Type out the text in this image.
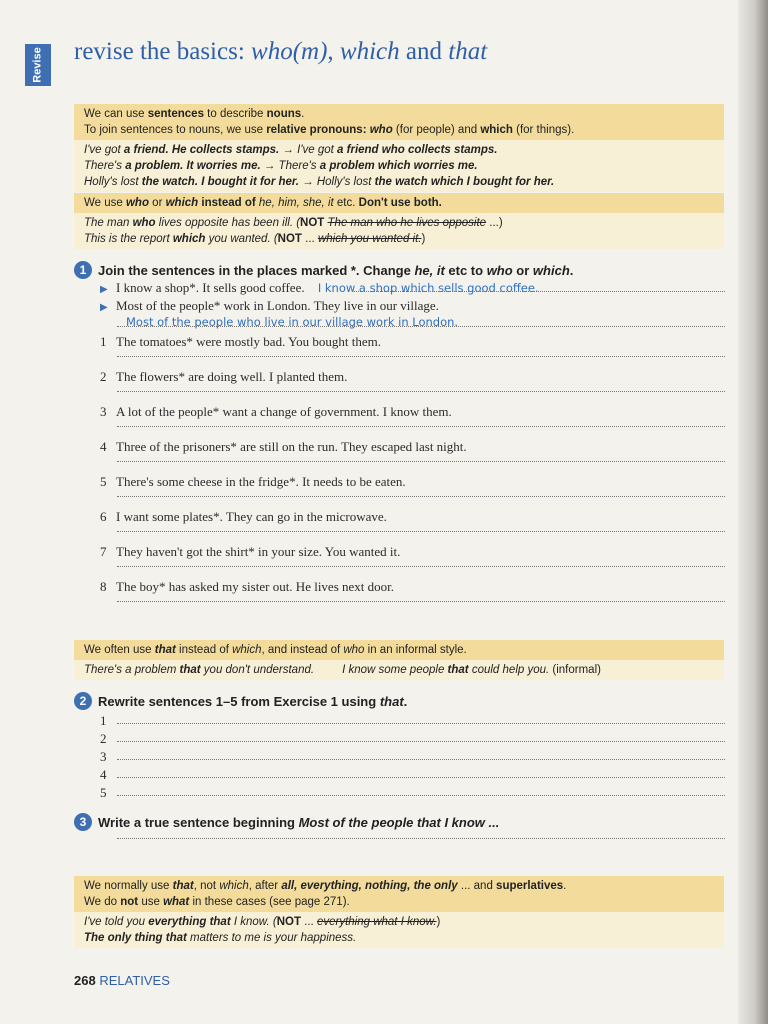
Revise revise the basics: who(m), which and that
We can use sentences to describe nouns.
To join sentences to nouns, we use relative pronouns: who (for people) and which (for things).
I've got a friend. He collects stamps. → I've got a friend who collects stamps.
There's a problem. It worries me. → There's a problem which worries me.
Holly's lost the watch. I bought it for her. → Holly's lost the watch which I bought for her.
We use who or which instead of he, him, she, it etc. Don't use both.
The man who lives opposite has been ill. (NOT The man who he lives opposite ...)
This is the report which you wanted. (NOT ... which you wanted it.)
1 Join the sentences in the places marked *. Change he, it etc to who or which.
▶ I know a shop*. It sells good coffee. I know a shop which sells good coffee.
▶ Most of the people* work in London. They live in our village.
Most of the people who live in our village work in London.
1 The tomatoes* were mostly bad. You bought them.
2 The flowers* are doing well. I planted them.
3 A lot of the people* want a change of government. I know them.
4 Three of the prisoners* are still on the run. They escaped last night.
5 There's some cheese in the fridge*. It needs to be eaten.
6 I want some plates*. They can go in the microwave.
7 They haven't got the shirt* in your size. You wanted it.
8 The boy* has asked my sister out. He lives next door.
We often use that instead of which, and instead of who in an informal style.
There's a problem that you don't understand. I know some people that could help you. (informal)
2 Rewrite sentences 1–5 from Exercise 1 using that.
1
2
3
4
5
3 Write a true sentence beginning Most of the people that I know ...
We normally use that, not which, after all, everything, nothing, the only ... and superlatives.
We do not use what in these cases (see page 271).
I've told you everything that I know. (NOT ... everything what I know.)
The only thing that matters to me is your happiness.
268 RELATIVES
